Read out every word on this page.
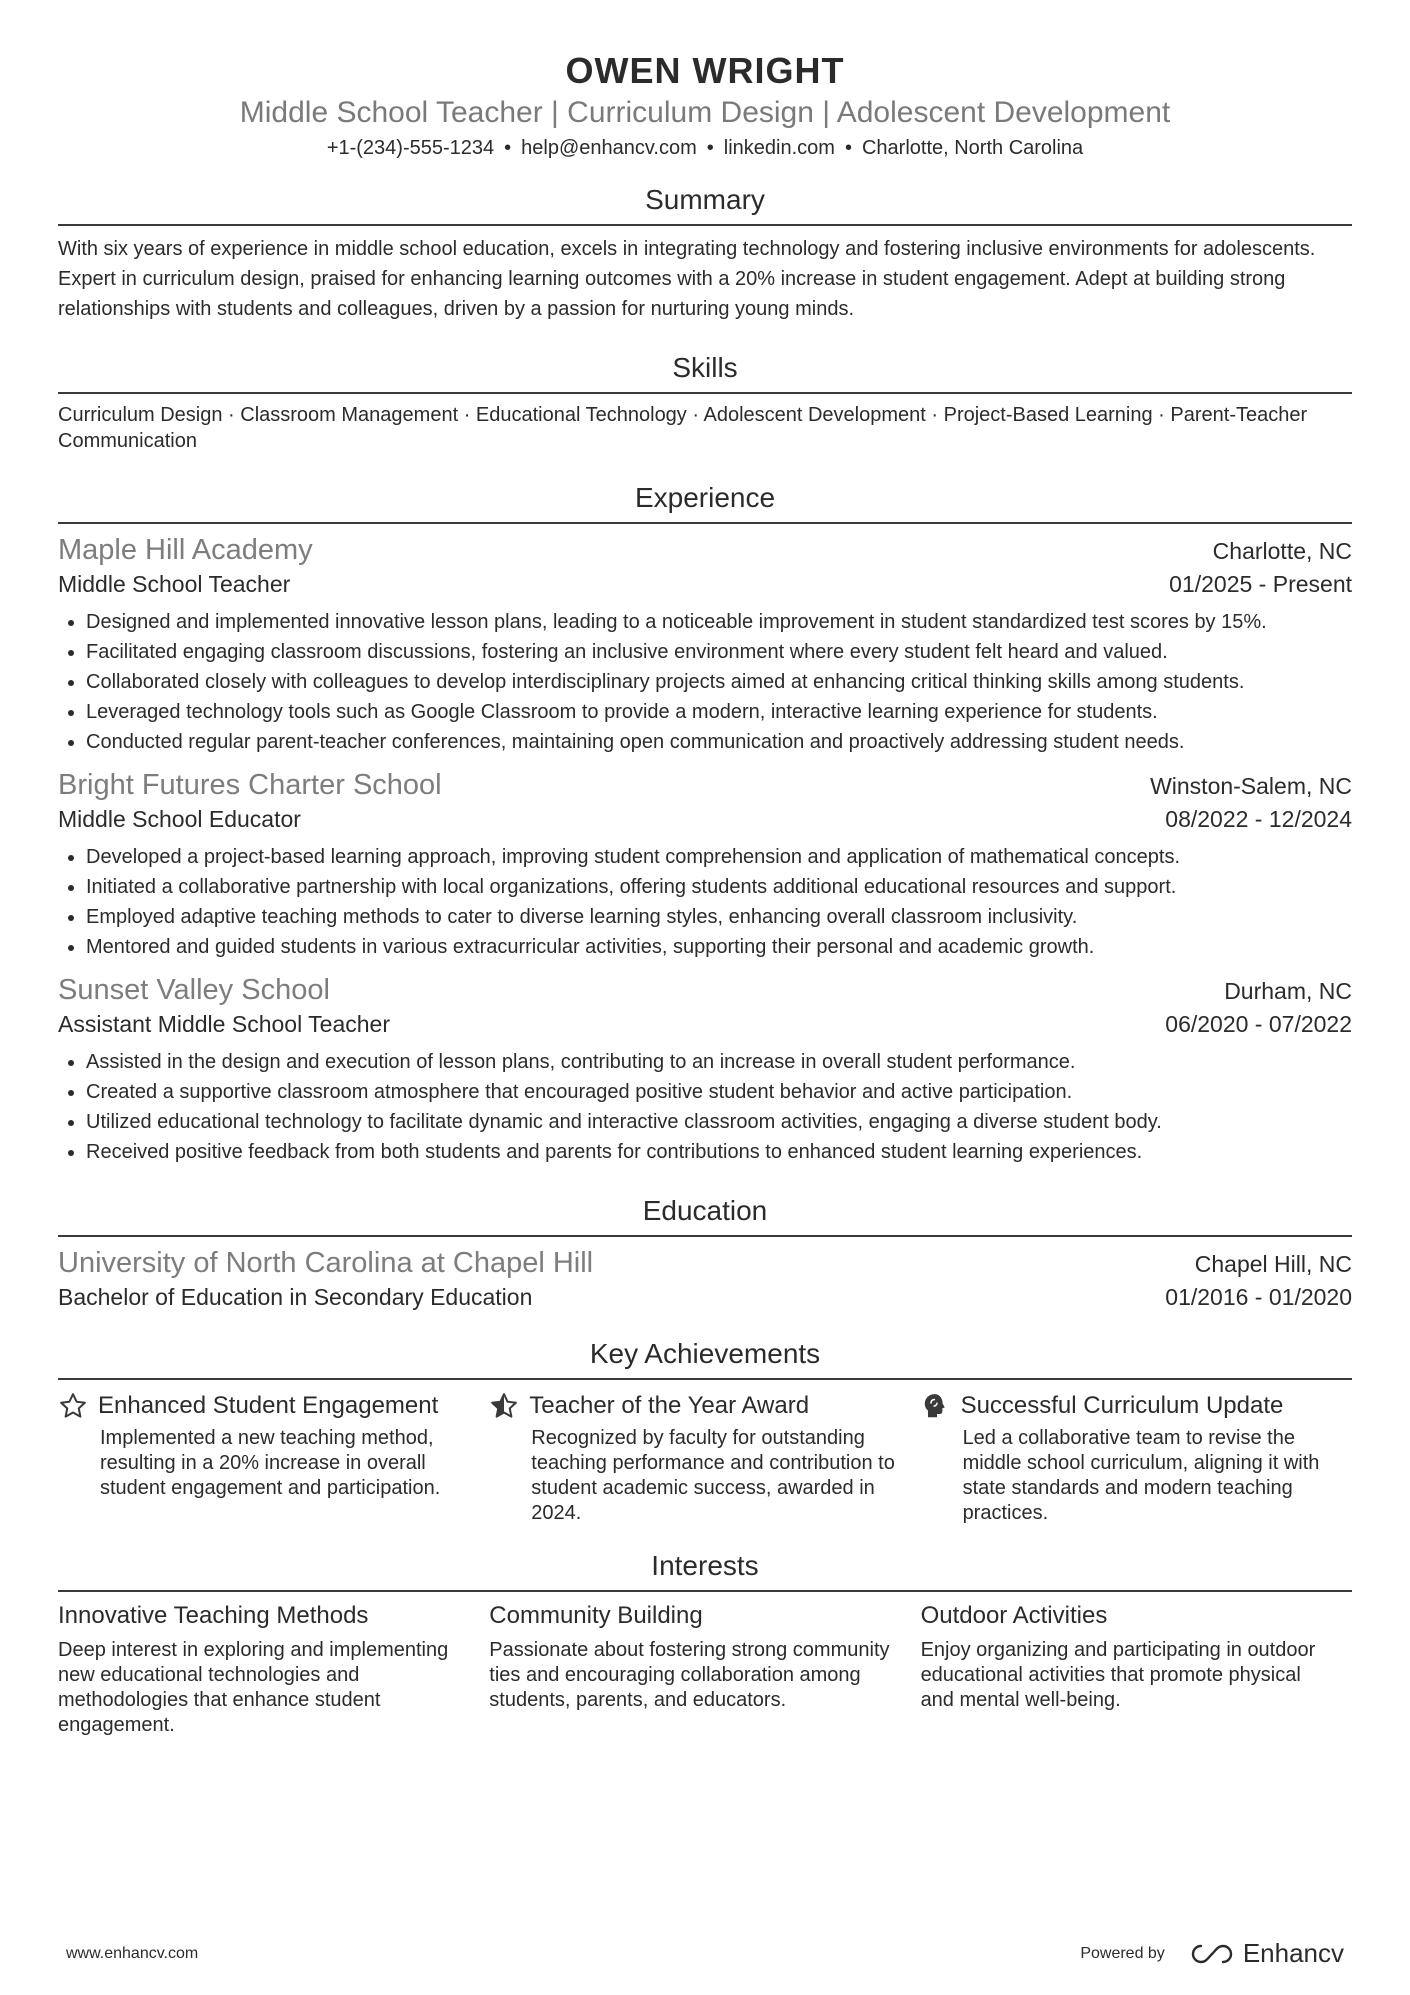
OWEN WRIGHT
Middle School Teacher | Curriculum Design | Adolescent Development
+1-(234)-555-1234 • help@enhancv.com • linkedin.com • Charlotte, North Carolina
Summary
With six years of experience in middle school education, excels in integrating technology and fostering inclusive environments for adolescents. Expert in curriculum design, praised for enhancing learning outcomes with a 20% increase in student engagement. Adept at building strong relationships with students and colleagues, driven by a passion for nurturing young minds.
Skills
Curriculum Design · Classroom Management · Educational Technology · Adolescent Development · Project-Based Learning · Parent-Teacher Communication
Experience
Maple Hill Academy	Charlotte, NC
Middle School Teacher	01/2025 - Present
• Designed and implemented innovative lesson plans, leading to a noticeable improvement in student standardized test scores by 15%.
• Facilitated engaging classroom discussions, fostering an inclusive environment where every student felt heard and valued.
• Collaborated closely with colleagues to develop interdisciplinary projects aimed at enhancing critical thinking skills among students.
• Leveraged technology tools such as Google Classroom to provide a modern, interactive learning experience for students.
• Conducted regular parent-teacher conferences, maintaining open communication and proactively addressing student needs.
Bright Futures Charter School	Winston-Salem, NC
Middle School Educator	08/2022 - 12/2024
• Developed a project-based learning approach, improving student comprehension and application of mathematical concepts.
• Initiated a collaborative partnership with local organizations, offering students additional educational resources and support.
• Employed adaptive teaching methods to cater to diverse learning styles, enhancing overall classroom inclusivity.
• Mentored and guided students in various extracurricular activities, supporting their personal and academic growth.
Sunset Valley School	Durham, NC
Assistant Middle School Teacher	06/2020 - 07/2022
• Assisted in the design and execution of lesson plans, contributing to an increase in overall student performance.
• Created a supportive classroom atmosphere that encouraged positive student behavior and active participation.
• Utilized educational technology to facilitate dynamic and interactive classroom activities, engaging a diverse student body.
• Received positive feedback from both students and parents for contributions to enhanced student learning experiences.
Education
University of North Carolina at Chapel Hill	Chapel Hill, NC
Bachelor of Education in Secondary Education	01/2016 - 01/2020
Key Achievements
Enhanced Student Engagement
Implemented a new teaching method, resulting in a 20% increase in overall student engagement and participation.
Teacher of the Year Award
Recognized by faculty for outstanding teaching performance and contribution to student academic success, awarded in 2024.
Successful Curriculum Update
Led a collaborative team to revise the middle school curriculum, aligning it with state standards and modern teaching practices.
Interests
Innovative Teaching Methods
Deep interest in exploring and implementing new educational technologies and methodologies that enhance student engagement.
Community Building
Passionate about fostering strong community ties and encouraging collaboration among students, parents, and educators.
Outdoor Activities
Enjoy organizing and participating in outdoor educational activities that promote physical and mental well-being.
www.enhancv.com	Powered by	Enhancv
